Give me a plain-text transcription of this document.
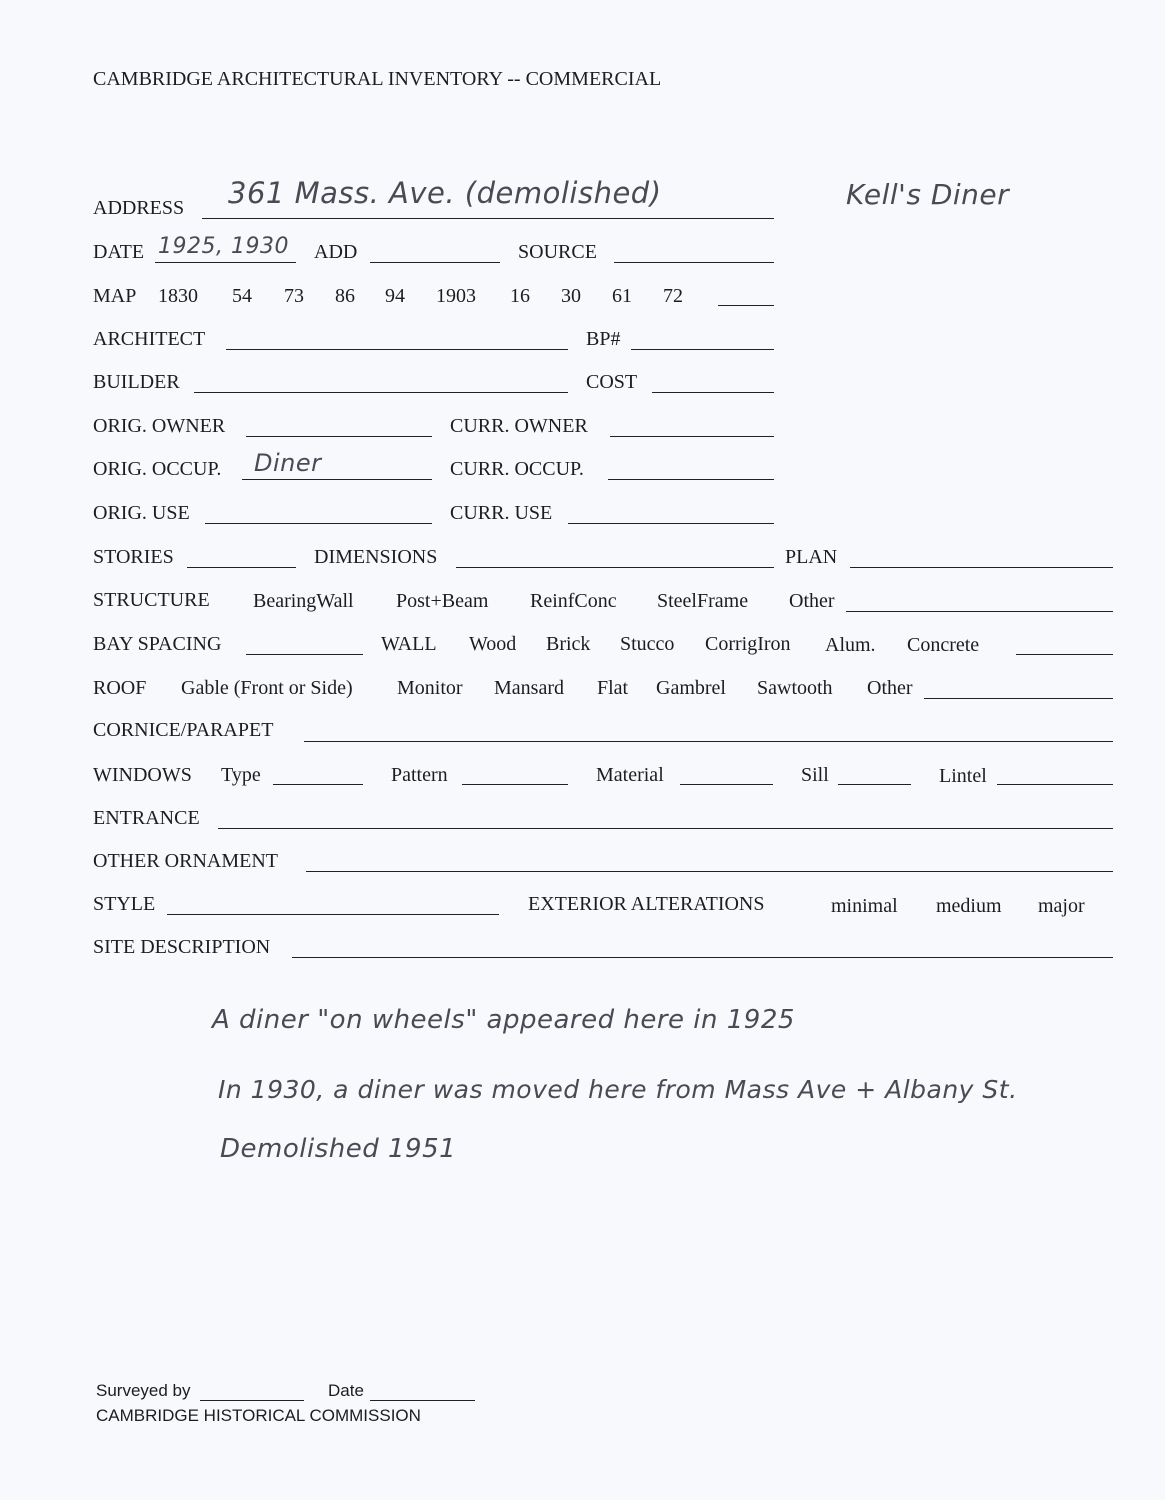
CAMBRIDGE ARCHITECTURAL INVENTORY -- COMMERCIAL
ADDRESS 361 Mass. Ave. (demolished)	Kell's Diner
DATE 1925, 1930 ADD	SOURCE
MAP 1830 54 73 86 94 1903 16 30 61 72
ARCHITECT	BP#
BUILDER	COST
ORIG. OWNER	CURR. OWNER
ORIG. OCCUP. Diner	CURR. OCCUP.
ORIG. USE	CURR. USE
STORIES	DIMENSIONS	PLAN
STRUCTURE BearingWall Post+Beam ReinfConc SteelFrame Other
BAY SPACING	WALL Wood Brick Stucco CorrigIron Alum. Concrete
ROOF Gable (Front or Side) Monitor Mansard Flat Gambrel Sawtooth Other
CORNICE/PARAPET
WINDOWS Type	Pattern	Material	Sill	Lintel
ENTRANCE
OTHER ORNAMENT
STYLE	EXTERIOR ALTERATIONS	minimal medium major
SITE DESCRIPTION
A diner "on wheels" appeared here in 1925
In 1930, a diner was moved here from Mass Ave + Albany St.
Demolished 1951
Surveyed by	Date
CAMBRIDGE HISTORICAL COMMISSION
